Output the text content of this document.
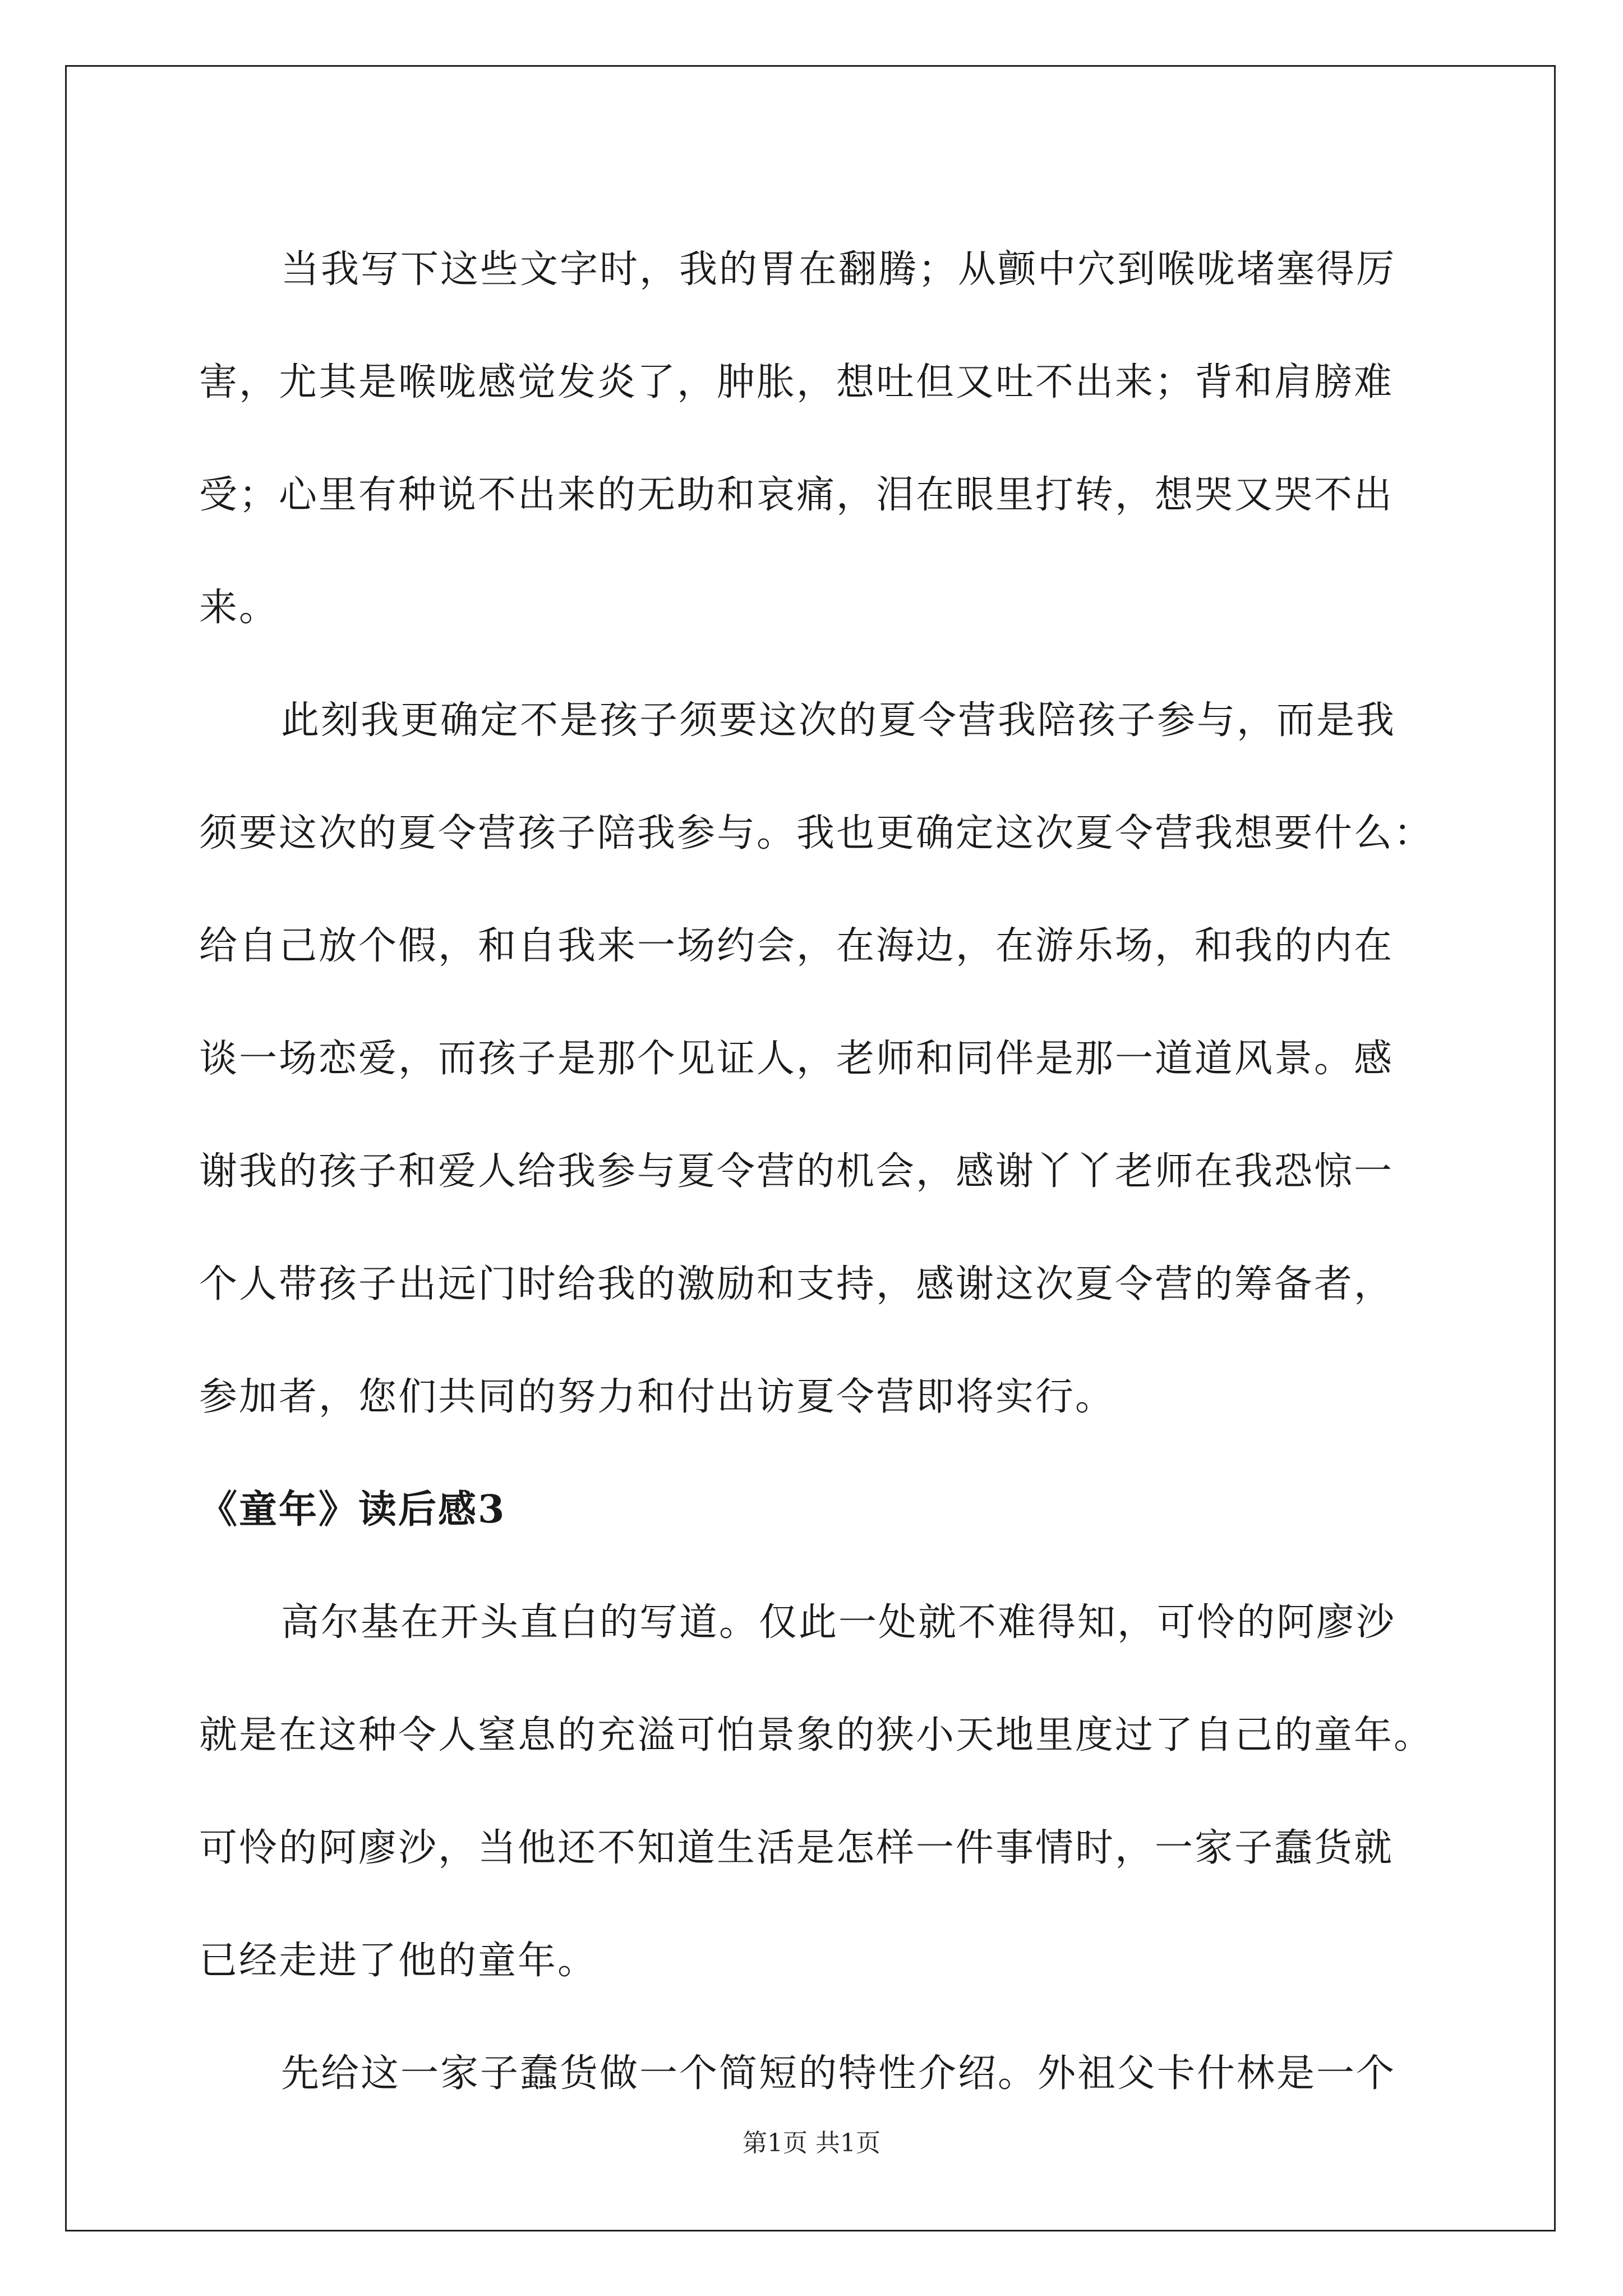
当我写下这些文字时，我的胃在翻腾；从颤中穴到喉咙堵塞得厉
害，尤其是喉咙感觉发炎了，肿胀，想吐但又吐不出来；背和肩膀难
受；心里有种说不出来的无助和哀痛，泪在眼里打转，想哭又哭不出
来。

此刻我更确定不是孩子须要这次的夏令营我陪孩子参与，而是我
须要这次的夏令营孩子陪我参与。我也更确定这次夏令营我想要什么：
给自己放个假，和自我来一场约会，在海边，在游乐场，和我的内在
谈一场恋爱，而孩子是那个见证人，老师和同伴是那一道道风景。感
谢我的孩子和爱人给我参与夏令营的机会，感谢丫丫老师在我恐惊一
个人带孩子出远门时给我的激励和支持，感谢这次夏令营的筹备者，
参加者，您们共同的努力和付出访夏令营即将实行。

《童年》读后感3

高尔基在开头直白的写道。仅此一处就不难得知，可怜的阿廖沙
就是在这种令人窒息的充溢可怕景象的狭小天地里度过了自己的童年。
可怜的阿廖沙，当他还不知道生活是怎样一件事情时，一家子蠢货就
已经走进了他的童年。

先给这一家子蠢货做一个简短的特性介绍。外祖父卡什林是一个

第1页 共1页
